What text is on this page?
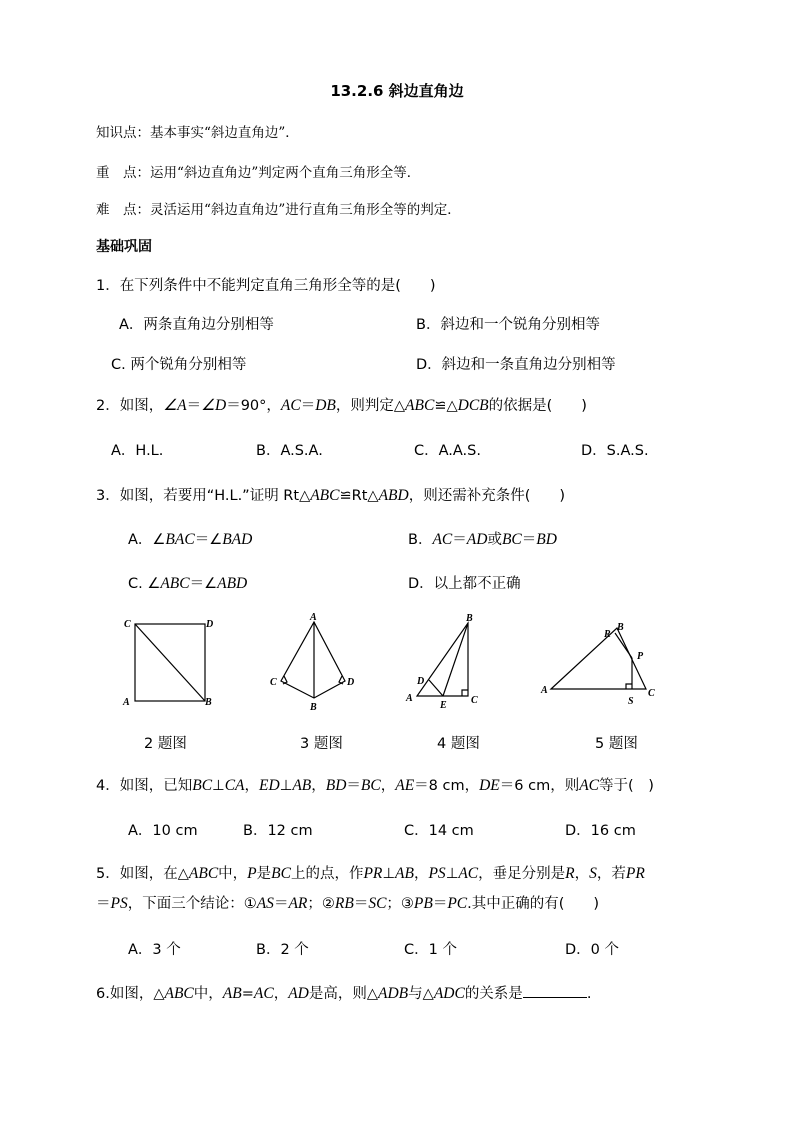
13.2.6 斜边直角边
知识点：基本事实“斜边直角边”．
重　点：运用“斜边直角边”判定两个直角三角形全等．
难　点：灵活运用“斜边直角边”进行直角三角形全等的判定．
基础巩固
1．在下列条件中不能判定直角三角形全等的是(　　)
A．两条直角边分别相等	B．斜边和一个锐角分别相等
C. 两个锐角分别相等	D．斜边和一条直角边分别相等
2．如图，∠A＝∠D＝90°，AC＝DB，则判定△ABC≌△DCB的依据是(　　)
A．H.L.	B．A.S.A.	C．A.A.S.	D．S.A.S.
3．如图，若要用“H.L.”证明 Rt△ABC≌Rt△ABD，则还需补充条件(　　)
A．∠BAC＝∠BAD	B．AC＝AD或BC＝BD
C. ∠ABC＝∠ABD	D．以上都不正确
C	D
A	B
A
C	D
B
B
D
A
E C
R
B
P
A
S
C
2 题图	3 题图	4 题图	5 题图
4．如图，已知BC⊥CA，ED⊥AB，BD＝BC，AE＝8 cm，DE＝6 cm，则AC等于(　)
A．10 cm	B．12 cm	C．14 cm	D．16 cm
5．如图，在△ABC中，P是BC上的点，作PR⊥AB，PS⊥AC，垂足分别是R，S，若PR
＝PS，下面三个结论：①AS＝AR；②RB＝SC；③PB＝PC.其中正确的有(　　)
A．3 个	B．2 个	C．1 个	D．0 个
6.如图，△ABC中，AB=AC，AD是高，则△ADB与△ADC的关系是	.
